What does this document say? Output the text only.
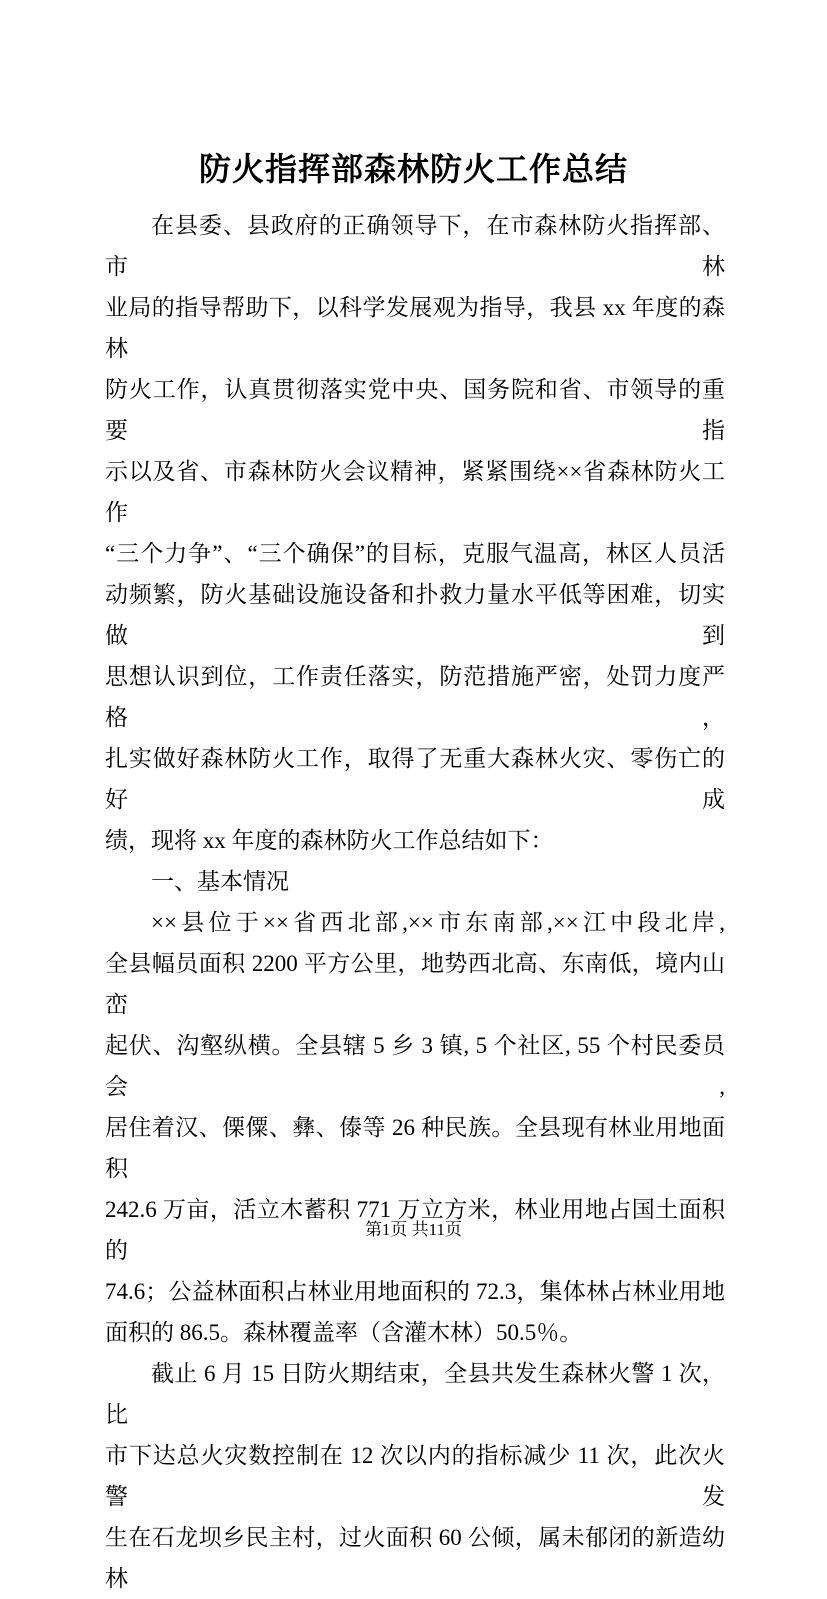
防火指挥部森林防火工作总结
在县委、县政府的正确领导下，在市森林防火指挥部、市林
业局的指导帮助下，以科学发展观为指导，我县 xx 年度的森林
防火工作，认真贯彻落实党中央、国务院和省、市领导的重要指
示以及省、市森林防火会议精神，紧紧围绕××省森林防火工作
“三个力争”、“三个确保”的目标，克服气温高，林区人员活
动频繁，防火基础设施设备和扑救力量水平低等困难，切实做到
思想认识到位，工作责任落实，防范措施严密，处罚力度严格，
扎实做好森林防火工作，取得了无重大森林火灾、零伤亡的好成
绩，现将 xx 年度的森林防火工作总结如下：
一、基本情况
××县位于××省西北部,××市东南部,××江中段北岸,
全县幅员面积 2200 平方公里，地势西北高、东南低，境内山峦
起伏、沟壑纵横。全县辖 5 乡 3 镇, 5 个社区, 55 个村民委员会,
居住着汉、傈僳、彝、傣等 26 种民族。全县现有林业用地面积
242.6 万亩，活立木蓄积 771 万立方米，林业用地占国土面积的
74.6；公益林面积占林业用地面积的 72.3，集体林占林业用地
面积的 86.5。森林覆盖率（含灌木林）50.5％。
截止 6 月 15 日防火期结束，全县共发生森林火警 1 次，比
市下达总火灾数控制在 12 次以内的指标减少 11 次，此次火警发
生在石龙坝乡民主村，过火面积 60 公倾，属未郁闭的新造幼林
第1页 共11页
